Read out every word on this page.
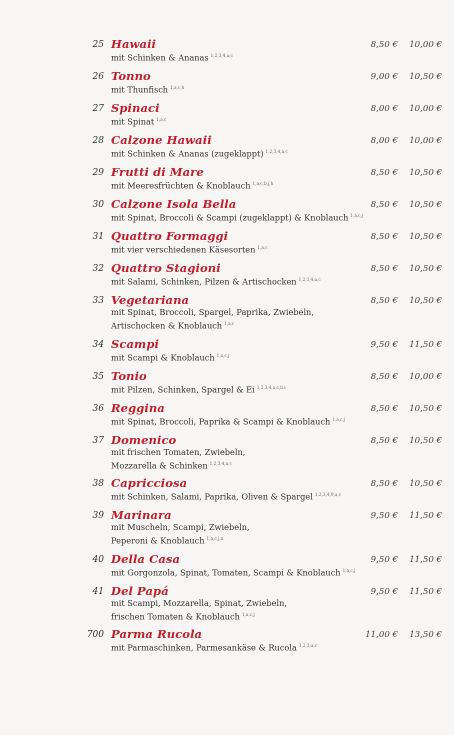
25 Hawaii
mit Schinken & Ananas $^{1,2,3,4,a,c}$
8,50 €	10,00 €
26 Tonno
mit Thunfisch $^{1,a,c,h}$
9,00 €	10,50 €
27 Spinaci
mit Spinat $^{1,a,c}$
8,00 €	10,00 €
28 Calzone Hawaii
mit Schinken & Ananas (zugeklappt) $^{1,2,3,4,a,c}$
8,00 €	10,00 €
29 Frutti di Mare
mit Meeresfrüchten & Knoblauch $^{1,a,c,b,j,h}$
8,50 €	10,50 €
30 Calzone Isola Bella
mit Spinat, Broccoli & Scampi (zugeklappt) & Knoblauch $^{1,a,c,j}$
8,50 €	10,50 €
31 Quattro Formaggi
mit vier verschiedenen Käsesorten $^{1,a,c}$
8,50 €	10,50 €
32 Quattro Stagioni
mit Salami, Schinken, Pilzen & Artischocken $^{1,2,3,4,a,c}$
8,50 €	10,50 €
33 Vegetariana
mit Spinat, Broccoli, Spargel, Paprika, Zwiebeln,
Artischocken & Knoblauch $^{1,a,c}$
8,50 €	10,50 €
34 Scampi
mit Scampi & Knoblauch $^{1,a,c,j}$
9,50 €	11,50 €
35 Tonio
mit Pilzen, Schinken, Spargel & Ei $^{1,2,3,4,a,c,b,i}$
8,50 €	10,00 €
36 Reggina
mit Spinat, Broccoli, Paprika & Scampi & Knoblauch $^{1,a,c,j}$
8,50 €	10,50 €
37 Domenico
mit frischen Tomaten, Zwiebeln,
Mozzarella & Schinken $^{1,2,3,4,a,c}$
8,50 €	10,50 €
38 Capricciosa
mit Schinken, Salami, Paprika, Oliven & Spargel $^{1,2,3,4,9,a,c}$
8,50 €	10,50 €
39 Marinara
mit Muscheln, Scampi, Zwiebeln,
Peperoni & Knoblauch $^{1,a,c,j,n}$
9,50 €	11,50 €
40 Della Casa
mit Gorgonzola, Spinat, Tomaten, Scampi & Knoblauch $^{1,a,c,j}$
9,50 €	11,50 €
41 Del Papá
mit Scampi, Mozzarella, Spinat, Zwiebeln,
frischen Tomaten & Knoblauch $^{1,a,c,j}$
9,50 €	11,50 €
700 Parma Rucola
mit Parmaschinken, Parmesankäse & Rucola $^{1,2,3,a,c}$
11,00 €	13,50 €
